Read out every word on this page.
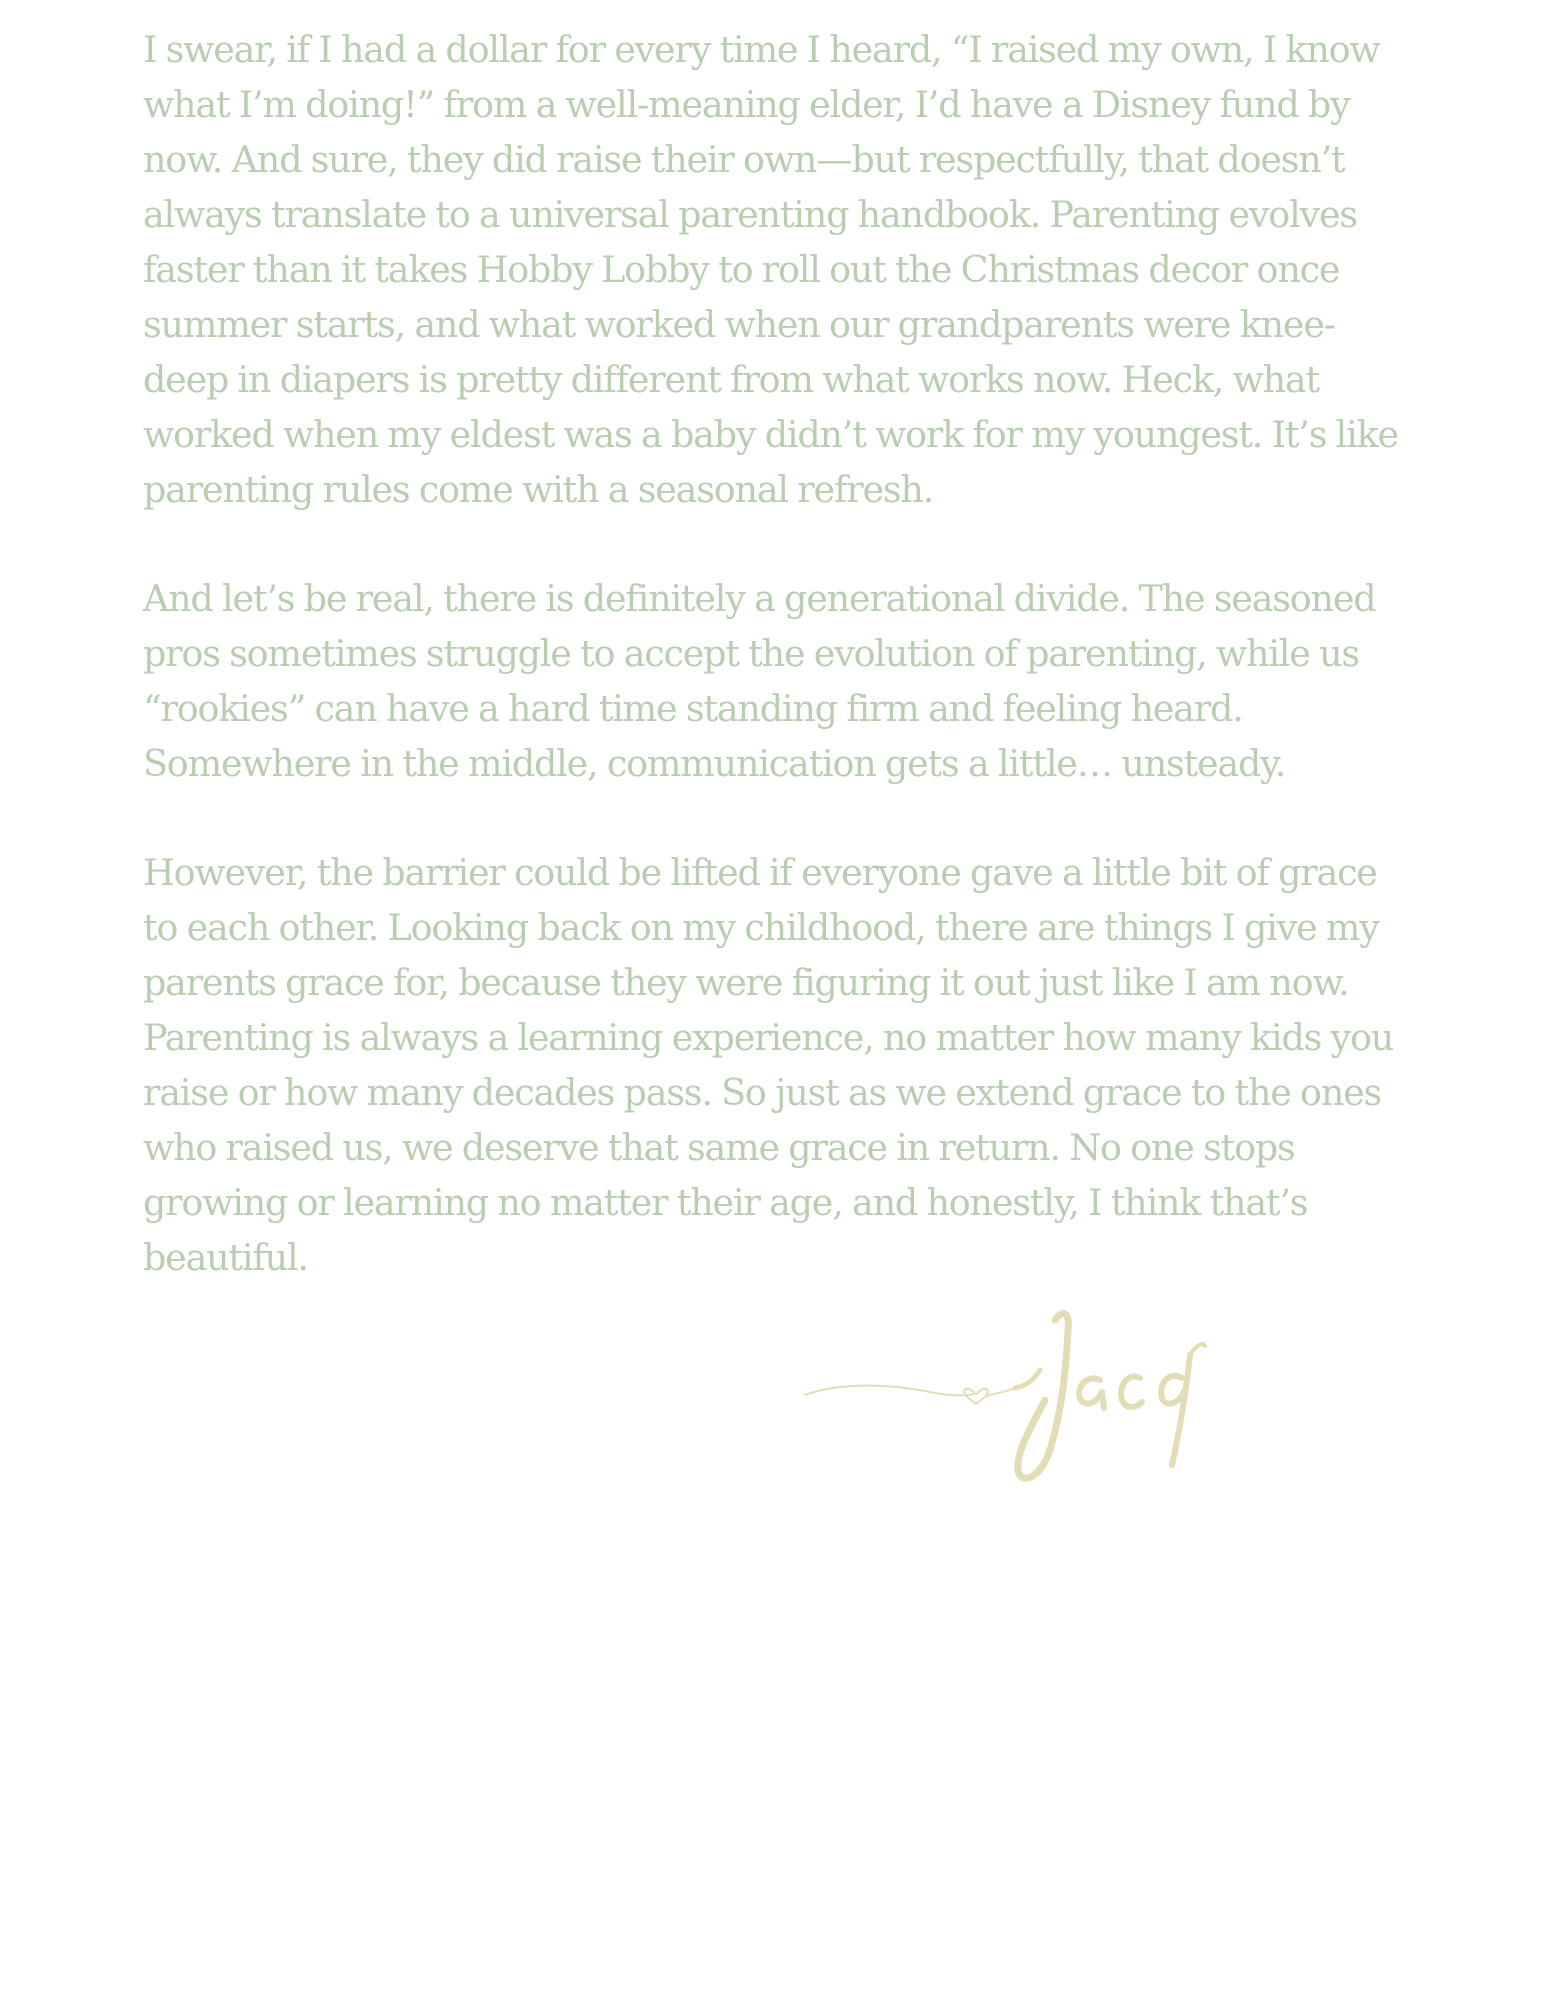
I swear, if I had a dollar for every time I heard, “I raised my own, I know what I’m doing!” from a well-meaning elder, I’d have a Disney fund by now. And sure, they did raise their own—but respectfully, that doesn’t always translate to a universal parenting handbook. Parenting evolves faster than it takes Hobby Lobby to roll out the Christmas decor once summer starts, and what worked when our grandparents were knee-deep in diapers is pretty different from what works now. Heck, what worked when my eldest was a baby didn’t work for my youngest. It’s like parenting rules come with a seasonal refresh.

And let’s be real, there is definitely a generational divide. The seasoned pros sometimes struggle to accept the evolution of parenting, while us “rookies” can have a hard time standing firm and feeling heard. Somewhere in the middle, communication gets a little… unsteady.

However, the barrier could be lifted if everyone gave a little bit of grace to each other. Looking back on my childhood, there are things I give my parents grace for, because they were figuring it out just like I am now. Parenting is always a learning experience, no matter how many kids you raise or how many decades pass. So just as we extend grace to the ones who raised us, we deserve that same grace in return. No one stops growing or learning no matter their age, and honestly, I think that’s beautiful.
